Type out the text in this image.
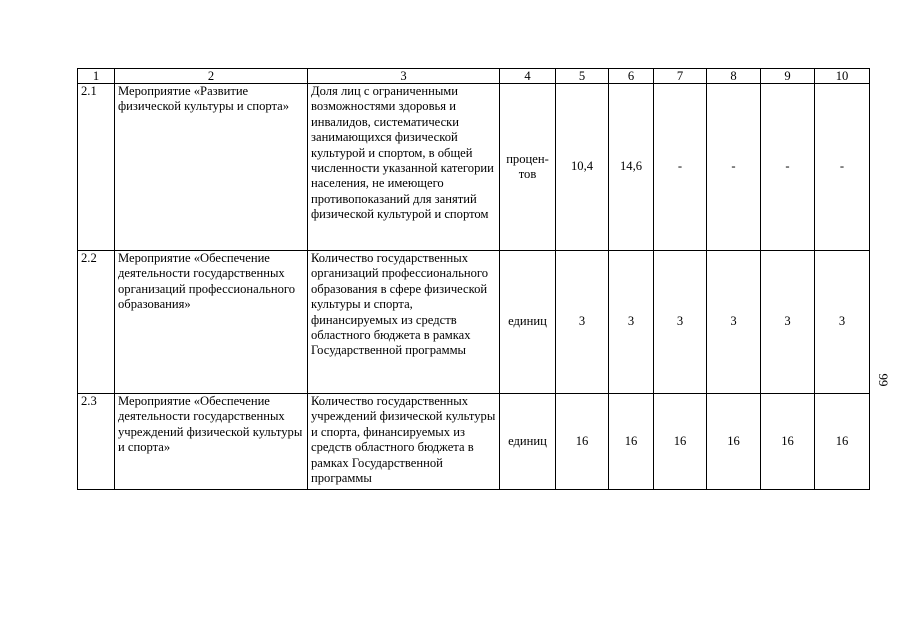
1	2	3	4	5	6	7	8	9	10
2.1	Мероприятие «Развитие физической культуры и спорта»	Доля лиц с ограниченными возможностями здоровья и инвалидов, систематически занимающихся физической культурой и спортом, в общей численности указанной категории населения, не имеющего противопоказаний для занятий физической культурой и спортом	процен-тов	10,4	14,6	-	-	-	-
2.2	Мероприятие «Обеспечение деятельности государственных организаций профессионального образования»	Количество государственных организаций профессионального образования в сфере физической культуры и спорта, финансируемых из средств областного бюджета в рамках Государственной программы	единиц	3	3	3	3	3	3
2.3	Мероприятие «Обеспечение деятельности государственных учреждений физической культуры и спорта»	Количество государственных учреждений физической культуры и спорта, финансируемых из средств областного бюджета в рамках Государственной программы	единиц	16	16	16	16	16	16
99
